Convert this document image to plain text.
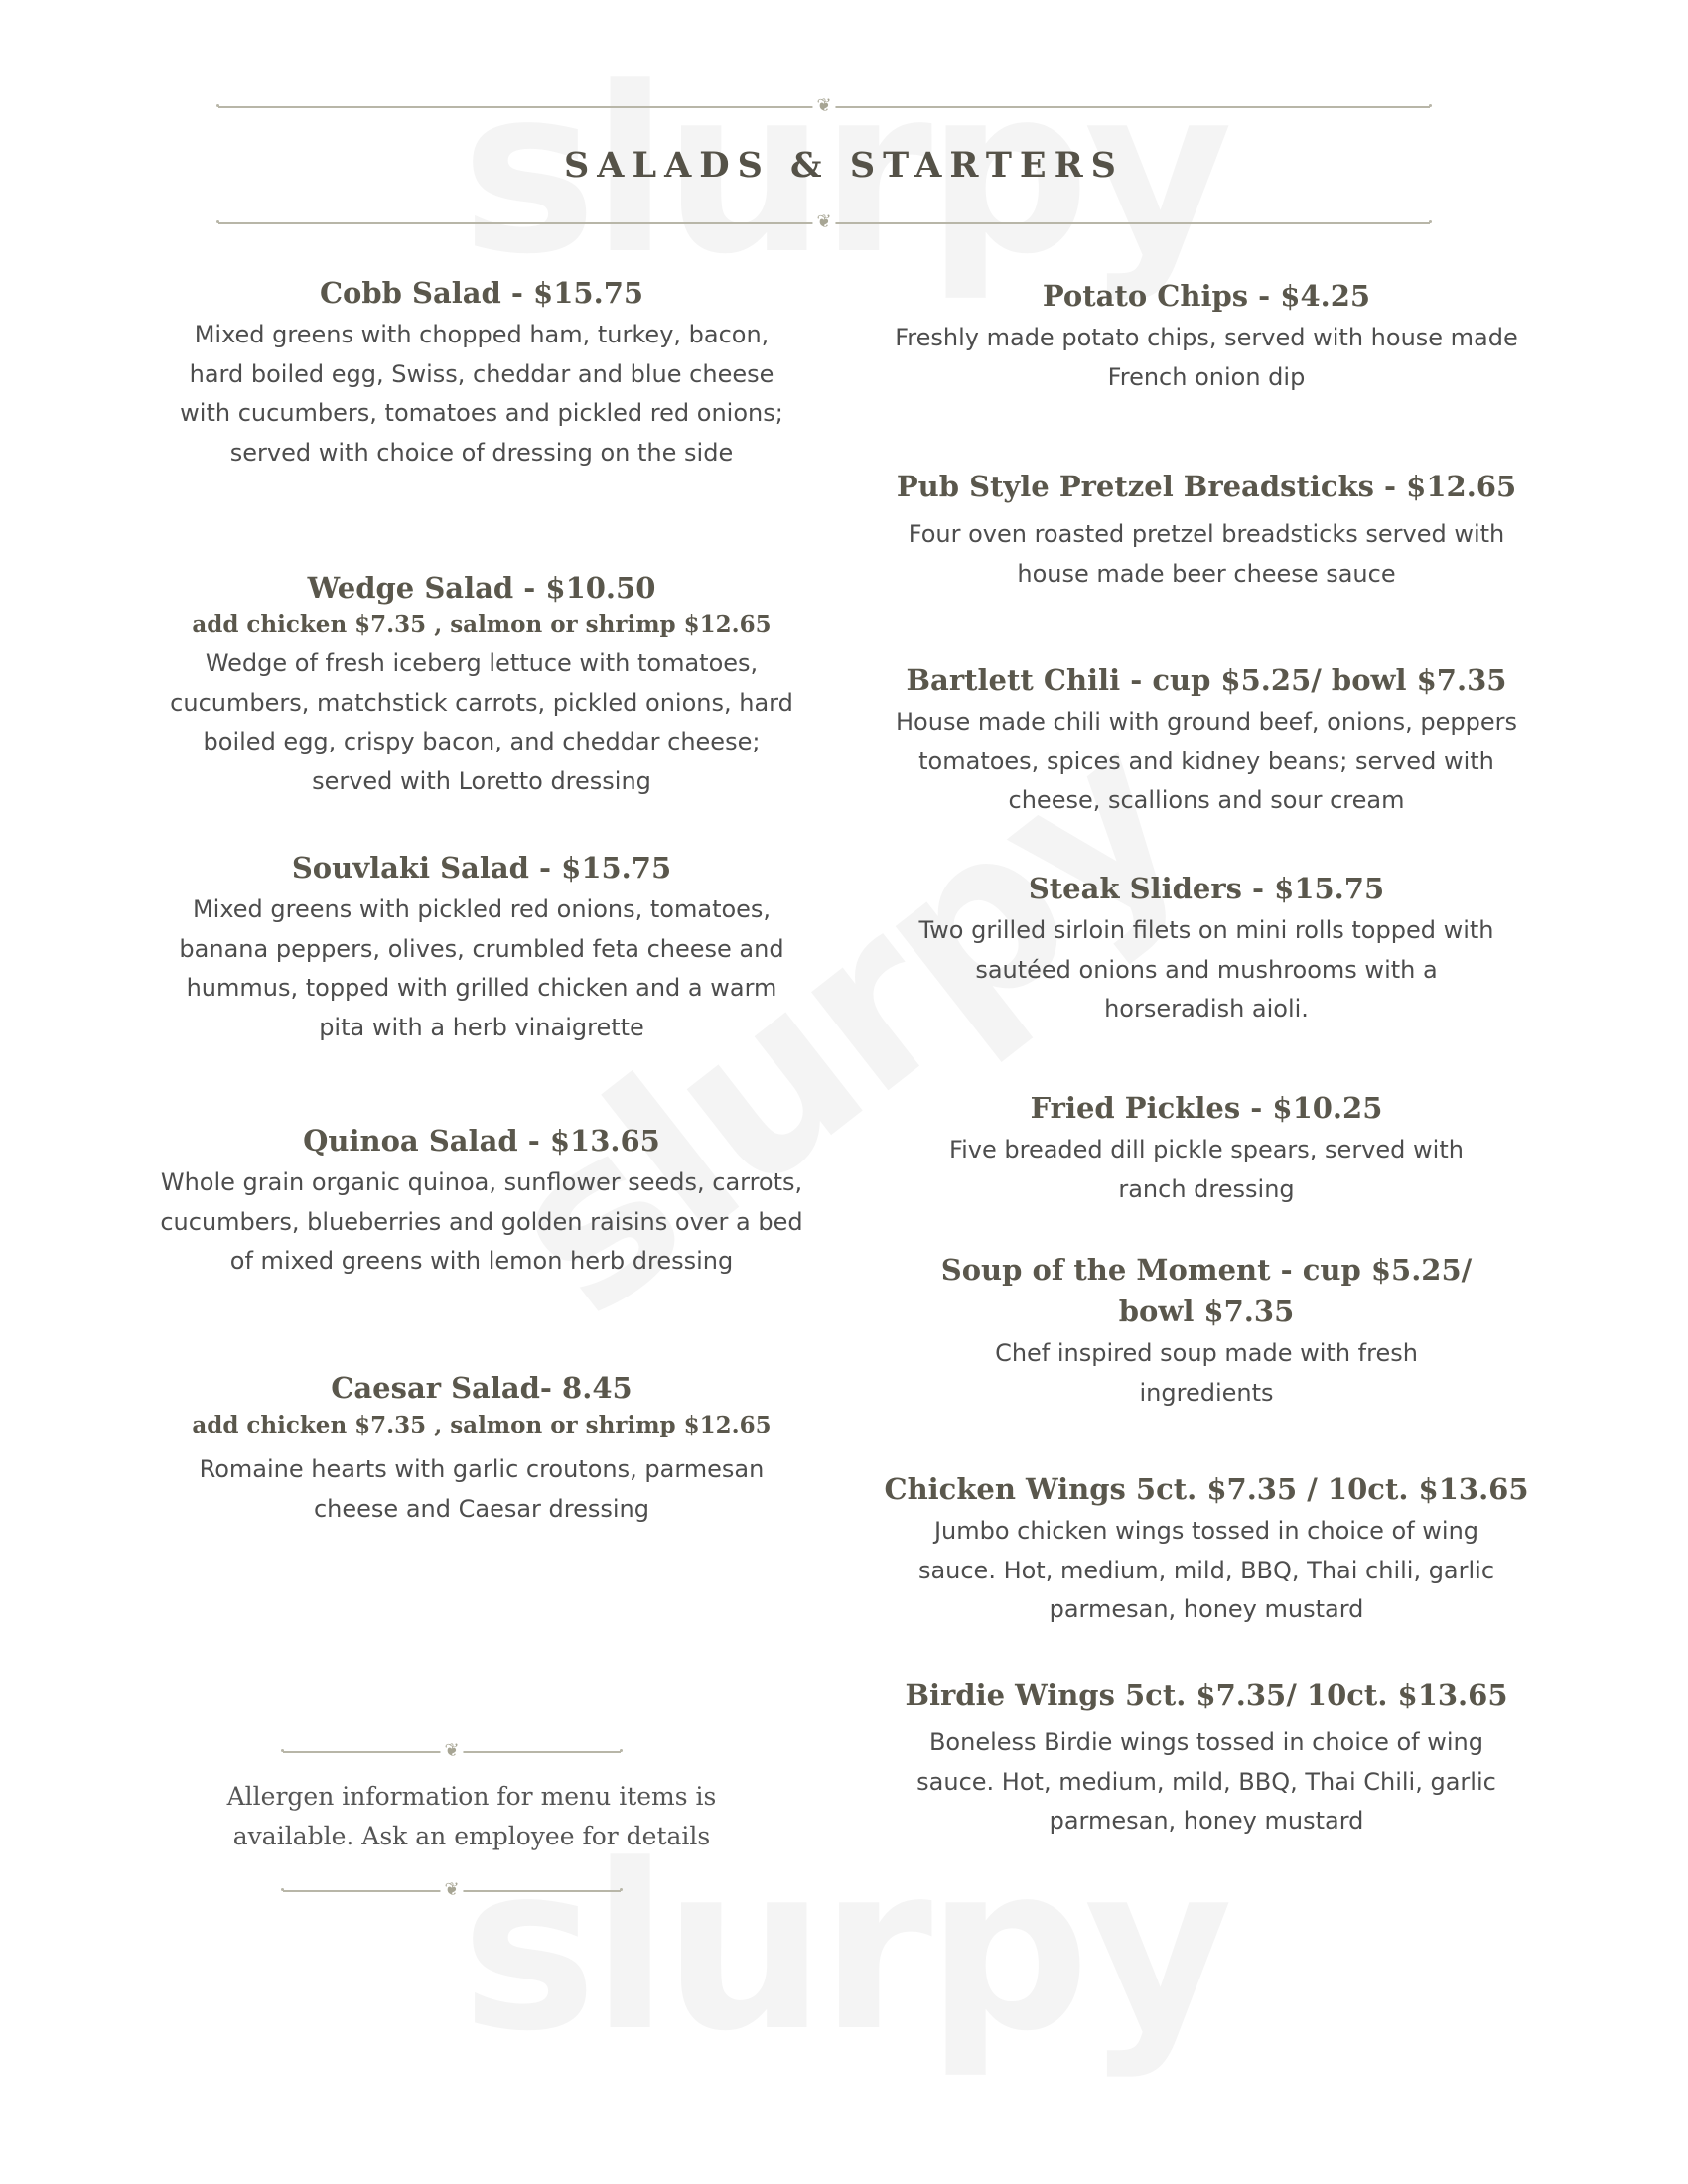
❦
SALADS & STARTERS
❦
Cobb Salad - $15.75
Mixed greens with chopped ham, turkey, bacon, hard boiled egg, Swiss, cheddar and blue cheese with cucumbers, tomatoes and pickled red onions; served with choice of dressing on the side
Wedge Salad - $10.50
add chicken $7.35 , salmon or shrimp $12.65
Wedge of fresh iceberg lettuce with tomatoes, cucumbers, matchstick carrots, pickled onions, hard boiled egg, crispy bacon, and cheddar cheese; served with Loretto dressing
Souvlaki Salad - $15.75
Mixed greens with pickled red onions, tomatoes, banana peppers, olives, crumbled feta cheese and hummus, topped with grilled chicken and a warm pita with a herb vinaigrette
Quinoa Salad - $13.65
Whole grain organic quinoa, sunflower seeds, carrots, cucumbers, blueberries and golden raisins over a bed of mixed greens with lemon herb dressing
Caesar Salad- 8.45
add chicken $7.35 , salmon or shrimp $12.65
Romaine hearts with garlic croutons, parmesan cheese and Caesar dressing
❦
Allergen information for menu items is available. Ask an employee for details
❦
Potato Chips - $4.25
Freshly made potato chips, served with house made French onion dip
Pub Style Pretzel Breadsticks - $12.65
Four oven roasted pretzel breadsticks served with house made beer cheese sauce
Bartlett Chili - cup $5.25/ bowl $7.35
House made chili with ground beef, onions, peppers tomatoes, spices and kidney beans; served with cheese, scallions and sour cream
Steak Sliders - $15.75
Two grilled sirloin filets on mini rolls topped with sautéed onions and mushrooms with a horseradish aioli.
Fried Pickles - $10.25
Five breaded dill pickle spears, served with ranch dressing
Soup of the Moment - cup $5.25/ bowl $7.35
Chef inspired soup made with fresh ingredients
Chicken Wings 5ct. $7.35 / 10ct. $13.65
Jumbo chicken wings tossed in choice of wing sauce. Hot, medium, mild, BBQ, Thai chili, garlic parmesan, honey mustard
Birdie Wings 5ct. $7.35/ 10ct. $13.65
Boneless Birdie wings tossed in choice of wing sauce. Hot, medium, mild, BBQ, Thai Chili, garlic parmesan, honey mustard
